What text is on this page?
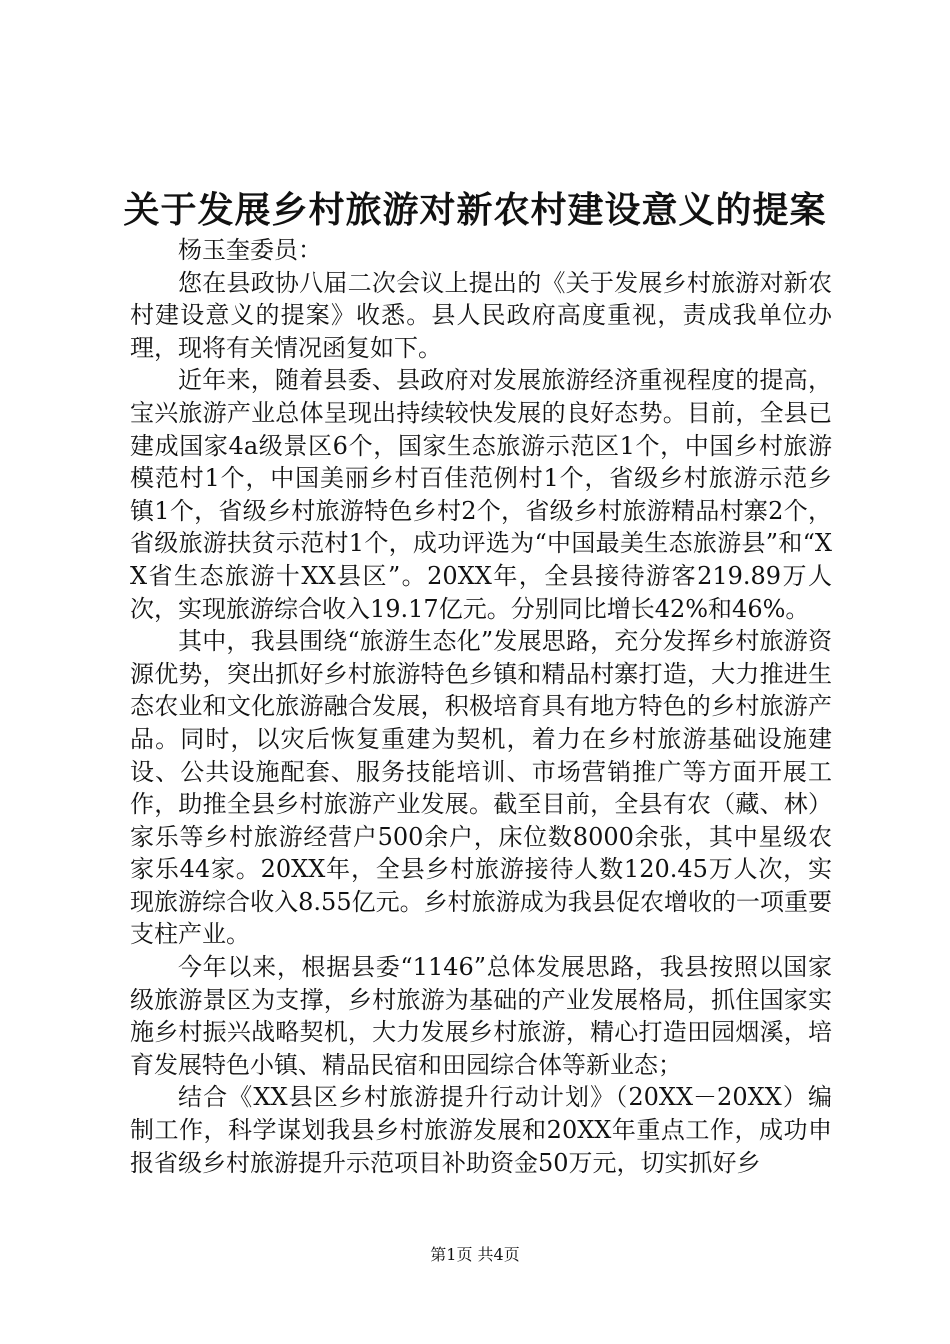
关于发展乡村旅游对新农村建设意义的提案

杨玉奎委员：

您在县政协八届二次会议上提出的《关于发展乡村旅游对新农村建设意义的提案》收悉。县人民政府高度重视，责成我单位办理，现将有关情况函复如下。

近年来，随着县委、县政府对发展旅游经济重视程度的提高，宝兴旅游产业总体呈现出持续较快发展的良好态势。目前，全县已建成国家4a级景区6个，国家生态旅游示范区1个，中国乡村旅游模范村1个，中国美丽乡村百佳范例村1个，省级乡村旅游示范乡镇1个，省级乡村旅游特色乡村2个，省级乡村旅游精品村寨2个，省级旅游扶贫示范村1个，成功评选为“中国最美生态旅游县”和“XX省生态旅游十XX县区”。20XX年，全县接待游客219.89万人次，实现旅游综合收入19.17亿元。分别同比增长42%和46%。

其中，我县围绕“旅游生态化”发展思路，充分发挥乡村旅游资源优势，突出抓好乡村旅游特色乡镇和精品村寨打造，大力推进生态农业和文化旅游融合发展，积极培育具有地方特色的乡村旅游产品。同时，以灾后恢复重建为契机，着力在乡村旅游基础设施建设、公共设施配套、服务技能培训、市场营销推广等方面开展工作，助推全县乡村旅游产业发展。截至目前，全县有农（藏、林）家乐等乡村旅游经营户500余户，床位数8000余张，其中星级农家乐44家。20XX年，全县乡村旅游接待人数120.45万人次，实现旅游综合收入8.55亿元。乡村旅游成为我县促农增收的一项重要支柱产业。

今年以来，根据县委“1146”总体发展思路，我县按照以国家级旅游景区为支撑，乡村旅游为基础的产业发展格局，抓住国家实施乡村振兴战略契机，大力发展乡村旅游，精心打造田园烟溪，培育发展特色小镇、精品民宿和田园综合体等新业态；

结合《XX县区乡村旅游提升行动计划》（20XX－20XX）编制工作，科学谋划我县乡村旅游发展和20XX年重点工作，成功申报省级乡村旅游提升示范项目补助资金50万元，切实抓好乡

第1页 共4页
